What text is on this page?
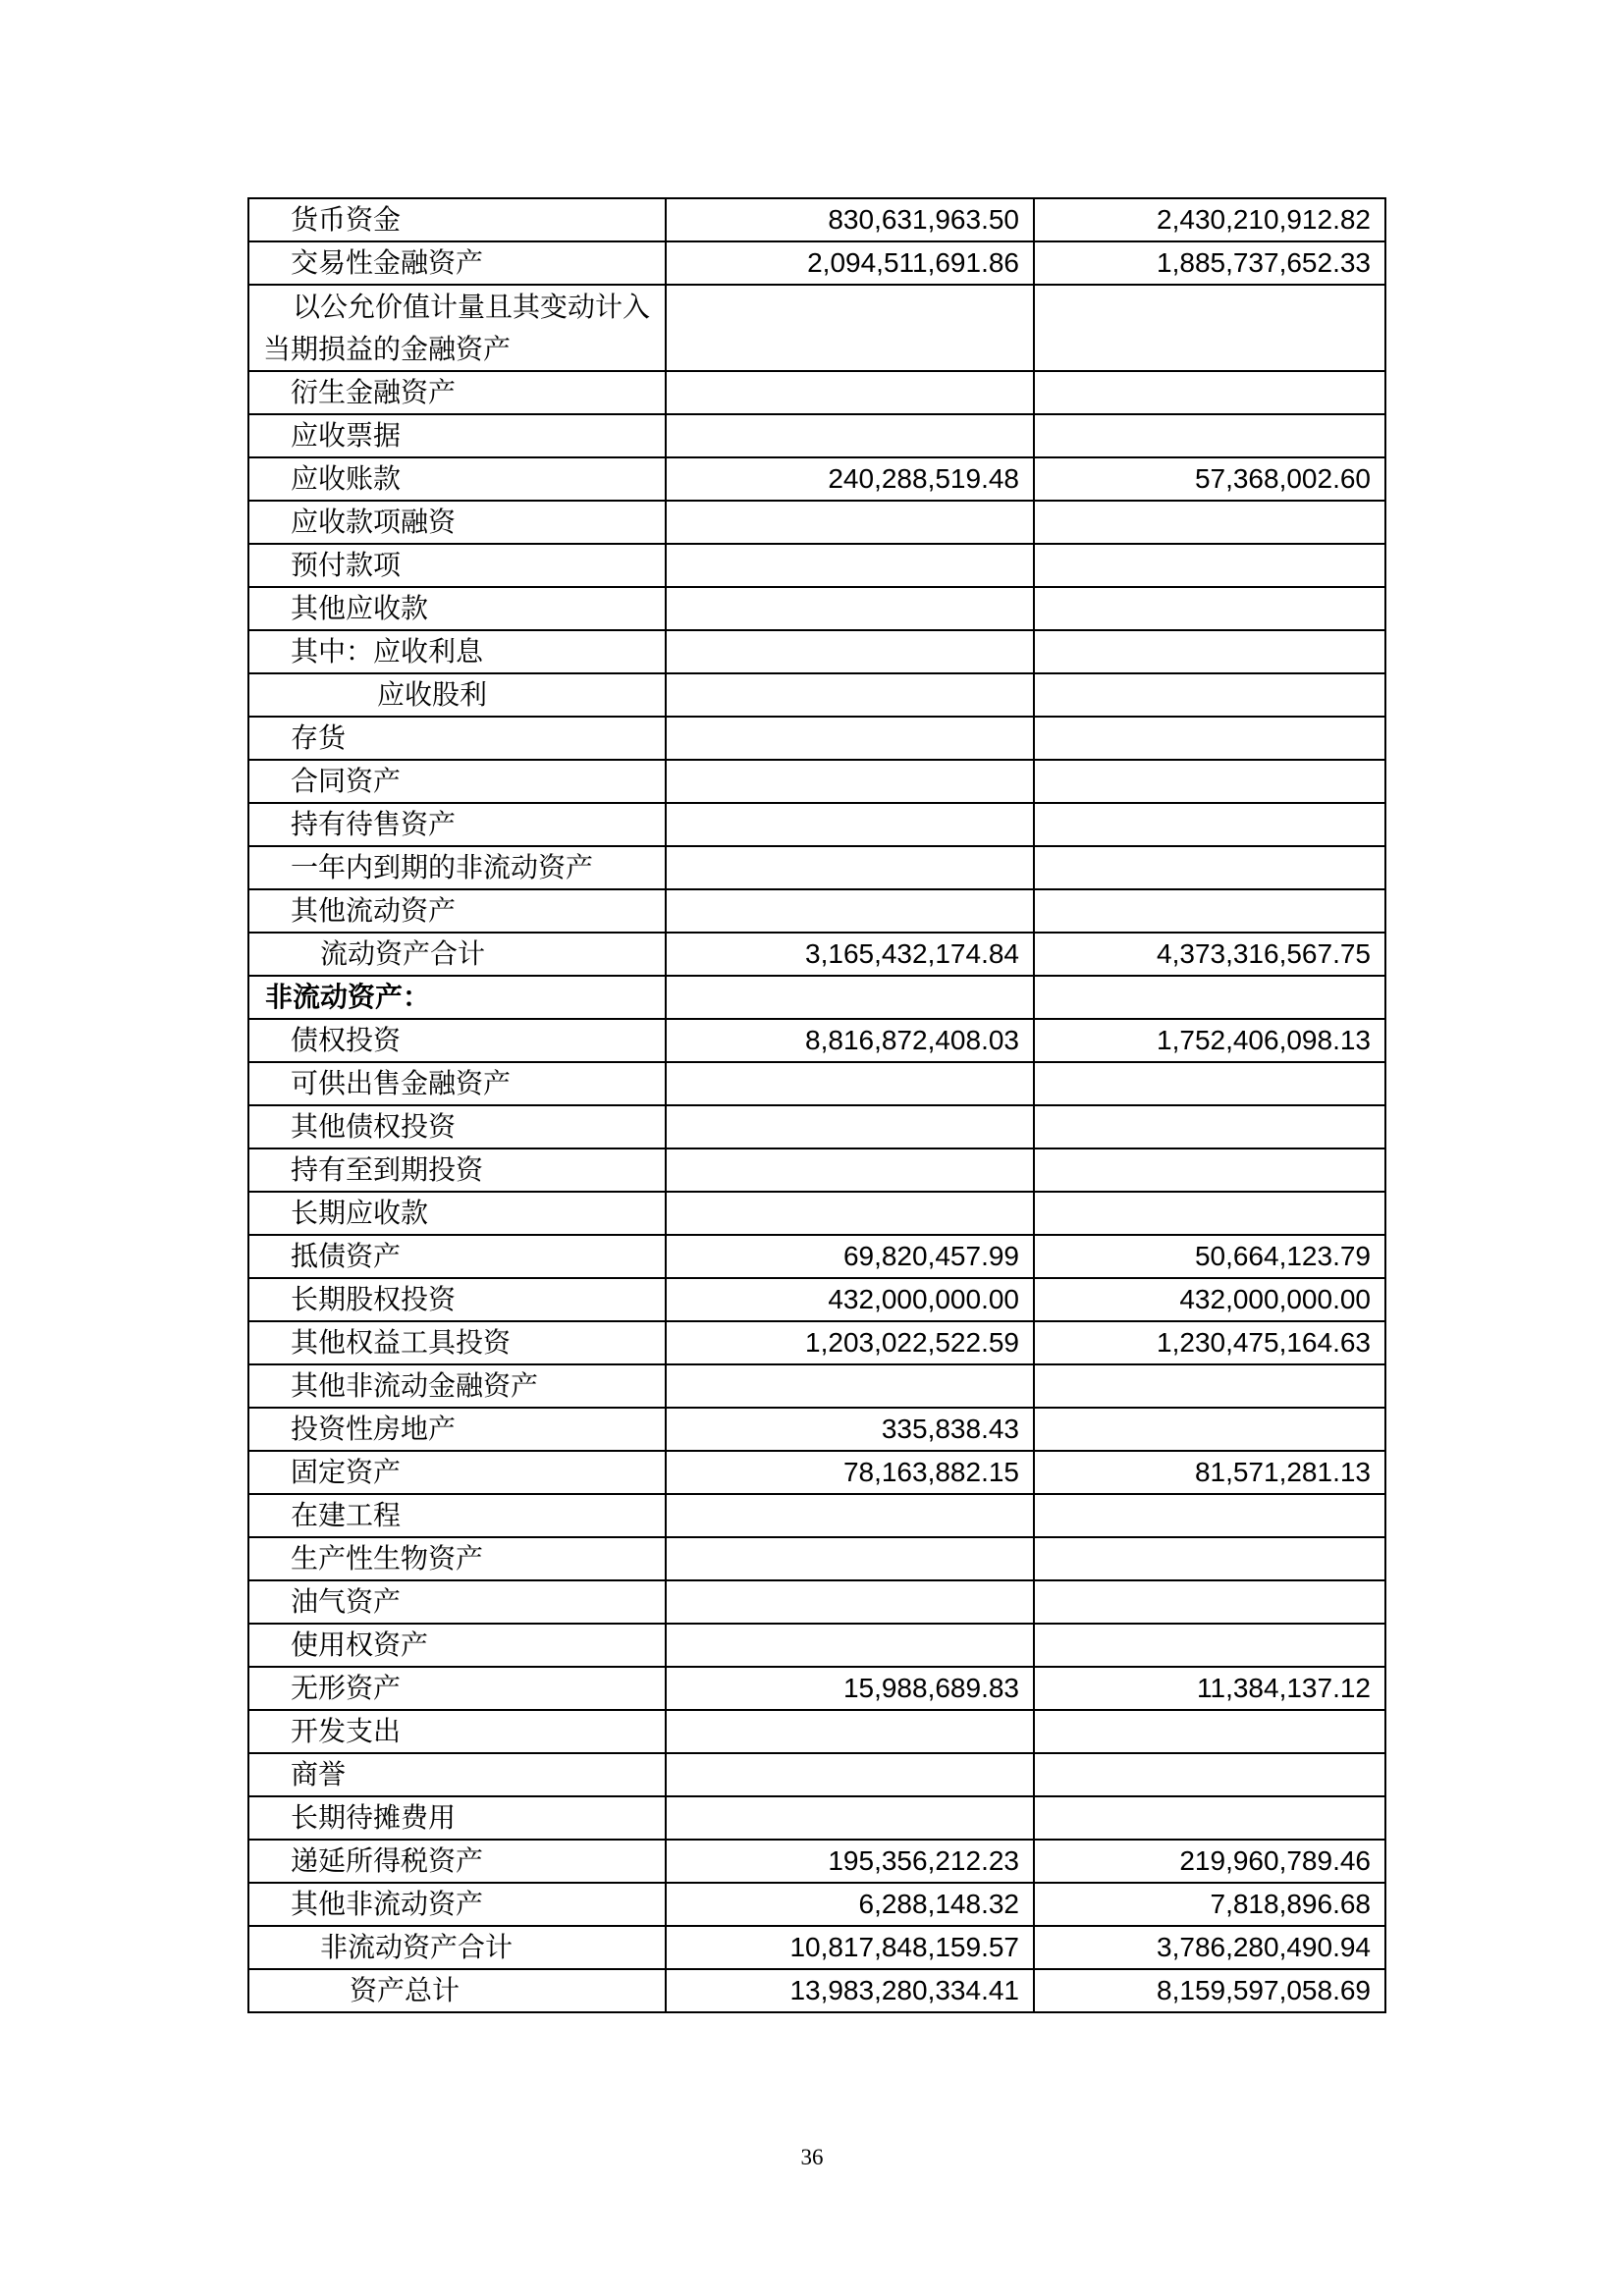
货币资金	830,631,963.50	2,430,210,912.82
交易性金融资产	2,094,511,691.86	1,885,737,652.33
以公允价值计量且其变动计入当期损益的金融资产		
衍生金融资产		
应收票据		
应收账款	240,288,519.48	57,368,002.60
应收款项融资		
预付款项		
其他应收款		
其中：应收利息		
应收股利		
存货		
合同资产		
持有待售资产		
一年内到期的非流动资产		
其他流动资产		
流动资产合计	3,165,432,174.84	4,373,316,567.75
非流动资产：		
债权投资	8,816,872,408.03	1,752,406,098.13
可供出售金融资产		
其他债权投资		
持有至到期投资		
长期应收款		
抵债资产	69,820,457.99	50,664,123.79
长期股权投资	432,000,000.00	432,000,000.00
其他权益工具投资	1,203,022,522.59	1,230,475,164.63
其他非流动金融资产		
投资性房地产	335,838.43	
固定资产	78,163,882.15	81,571,281.13
在建工程		
生产性生物资产		
油气资产		
使用权资产		
无形资产	15,988,689.83	11,384,137.12
开发支出		
商誉		
长期待摊费用		
递延所得税资产	195,356,212.23	219,960,789.46
其他非流动资产	6,288,148.32	7,818,896.68
非流动资产合计	10,817,848,159.57	3,786,280,490.94
资产总计	13,983,280,334.41	8,159,597,058.69
36
